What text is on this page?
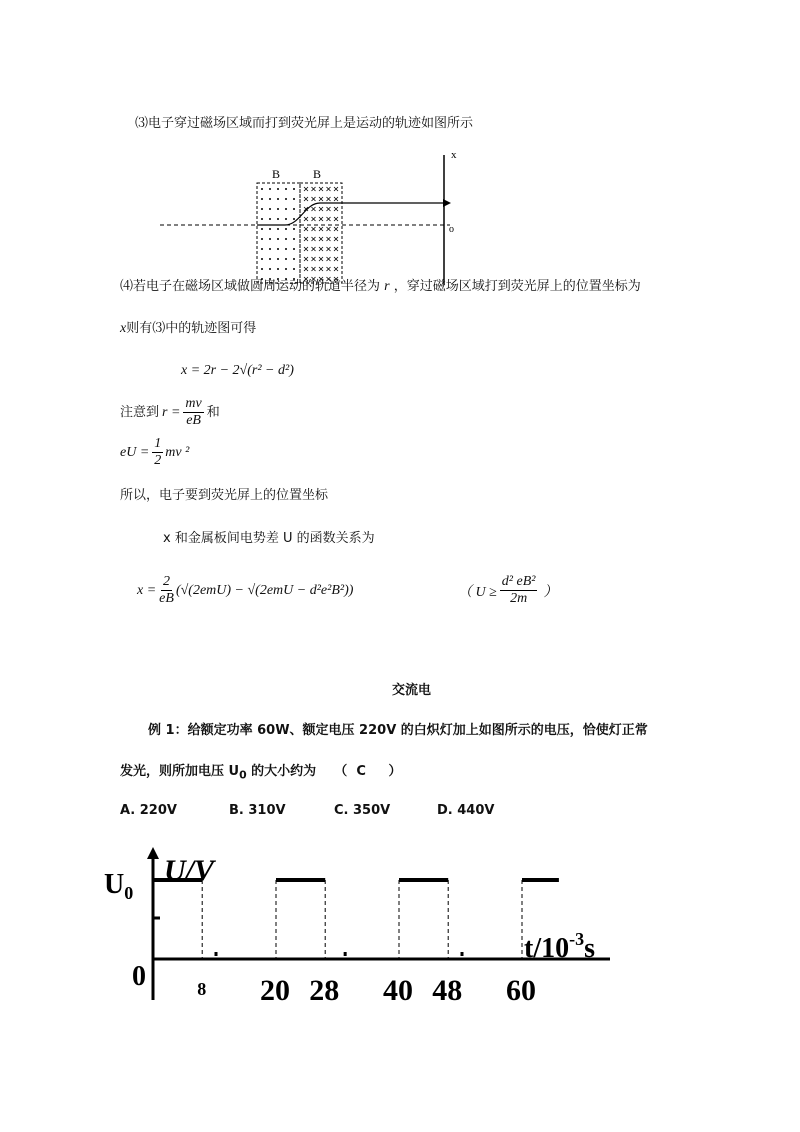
⑶电子穿过磁场区域而打到荧光屏上是运动的轨迹如图所示
x
o
B	B
⑷若电子在磁场区域做圆周运动的轨道半径为 r ，穿过磁场区域打到荧光屏上的位置坐标为
x则有⑶中的轨迹图可得
x = 2r − 2√(r² − d²)
注意到 $r = \frac{mv}{eB}$ 和
eU = $\frac{1}{2}$ mv ²
所以，电子要到荧光屏上的位置坐标
x 和金属板间电势差 U 的函数关系为
$x = \frac{2}{eB} (√(2emU) - √(2emU - d^2e^2B^2))$	（ $U \ge \frac{\text{d² eB²}}{2m}$ ）
交流电
例 1：给额定功率 60W、额定电压 220V 的白炽灯加上如图所示的电压，恰使灯正常
发光，则所加电压 $U_0$ 的大小约为    （  C     ）
A. 220V	B. 310V	C. 350V	D. 440V
U/V
$U_0$
0
$t/10^{-3}s$
8 20 28 40 48 60
